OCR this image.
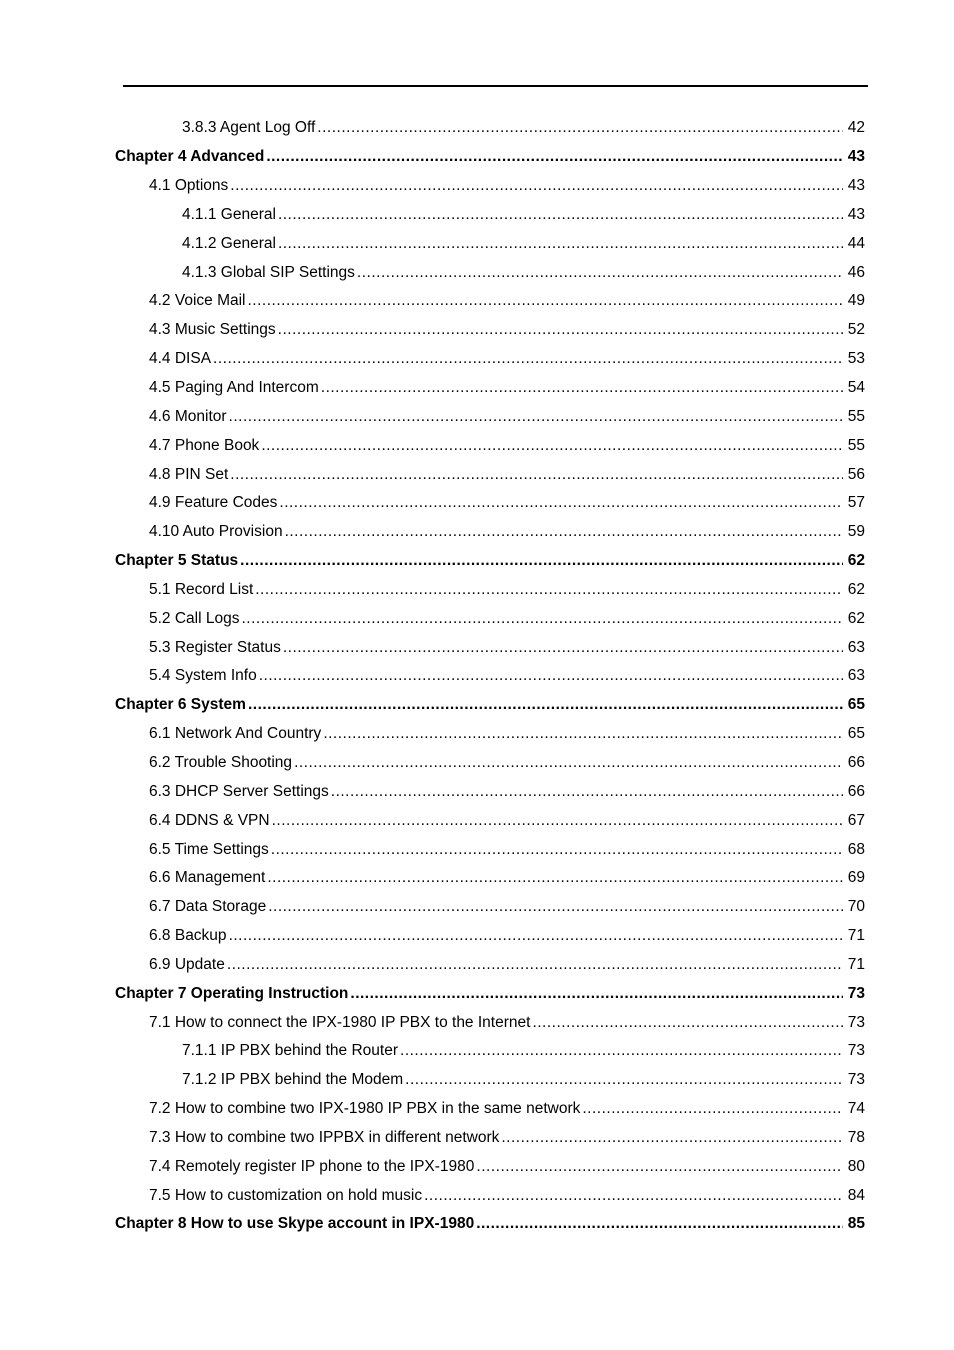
3.8.3 Agent Log Off .....	42
Chapter 4 Advanced .....	43
4.1 Options .....	43
4.1.1 General .....	43
4.1.2 General .....	44
4.1.3 Global SIP Settings .....	46
4.2 Voice Mail .....	49
4.3 Music Settings .....	52
4.4 DISA .....	53
4.5 Paging And Intercom .....	54
4.6 Monitor .....	55
4.7 Phone Book .....	55
4.8 PIN Set .....	56
4.9 Feature Codes .....	57
4.10 Auto Provision .....	59
Chapter 5 Status .....	62
5.1 Record List .....	62
5.2 Call Logs .....	62
5.3 Register Status .....	63
5.4 System Info .....	63
Chapter 6 System .....	65
6.1 Network And Country .....	65
6.2 Trouble Shooting .....	66
6.3 DHCP Server Settings .....	66
6.4 DDNS & VPN .....	67
6.5 Time Settings .....	68
6.6 Management .....	69
6.7 Data Storage .....	70
6.8 Backup .....	71
6.9 Update .....	71
Chapter 7 Operating Instruction .....	73
7.1 How to connect the IPX-1980 IP PBX to the Internet .....	73
7.1.1 IP PBX behind the Router .....	73
7.1.2 IP PBX behind the Modem .....	73
7.2 How to combine two IPX-1980 IP PBX in the same network .....	74
7.3 How to combine two IPPBX in different network .....	78
7.4 Remotely register IP phone to the IPX-1980 .....	80
7.5 How to customization on hold music .....	84
Chapter 8 How to use Skype account in IPX-1980 .....	85
